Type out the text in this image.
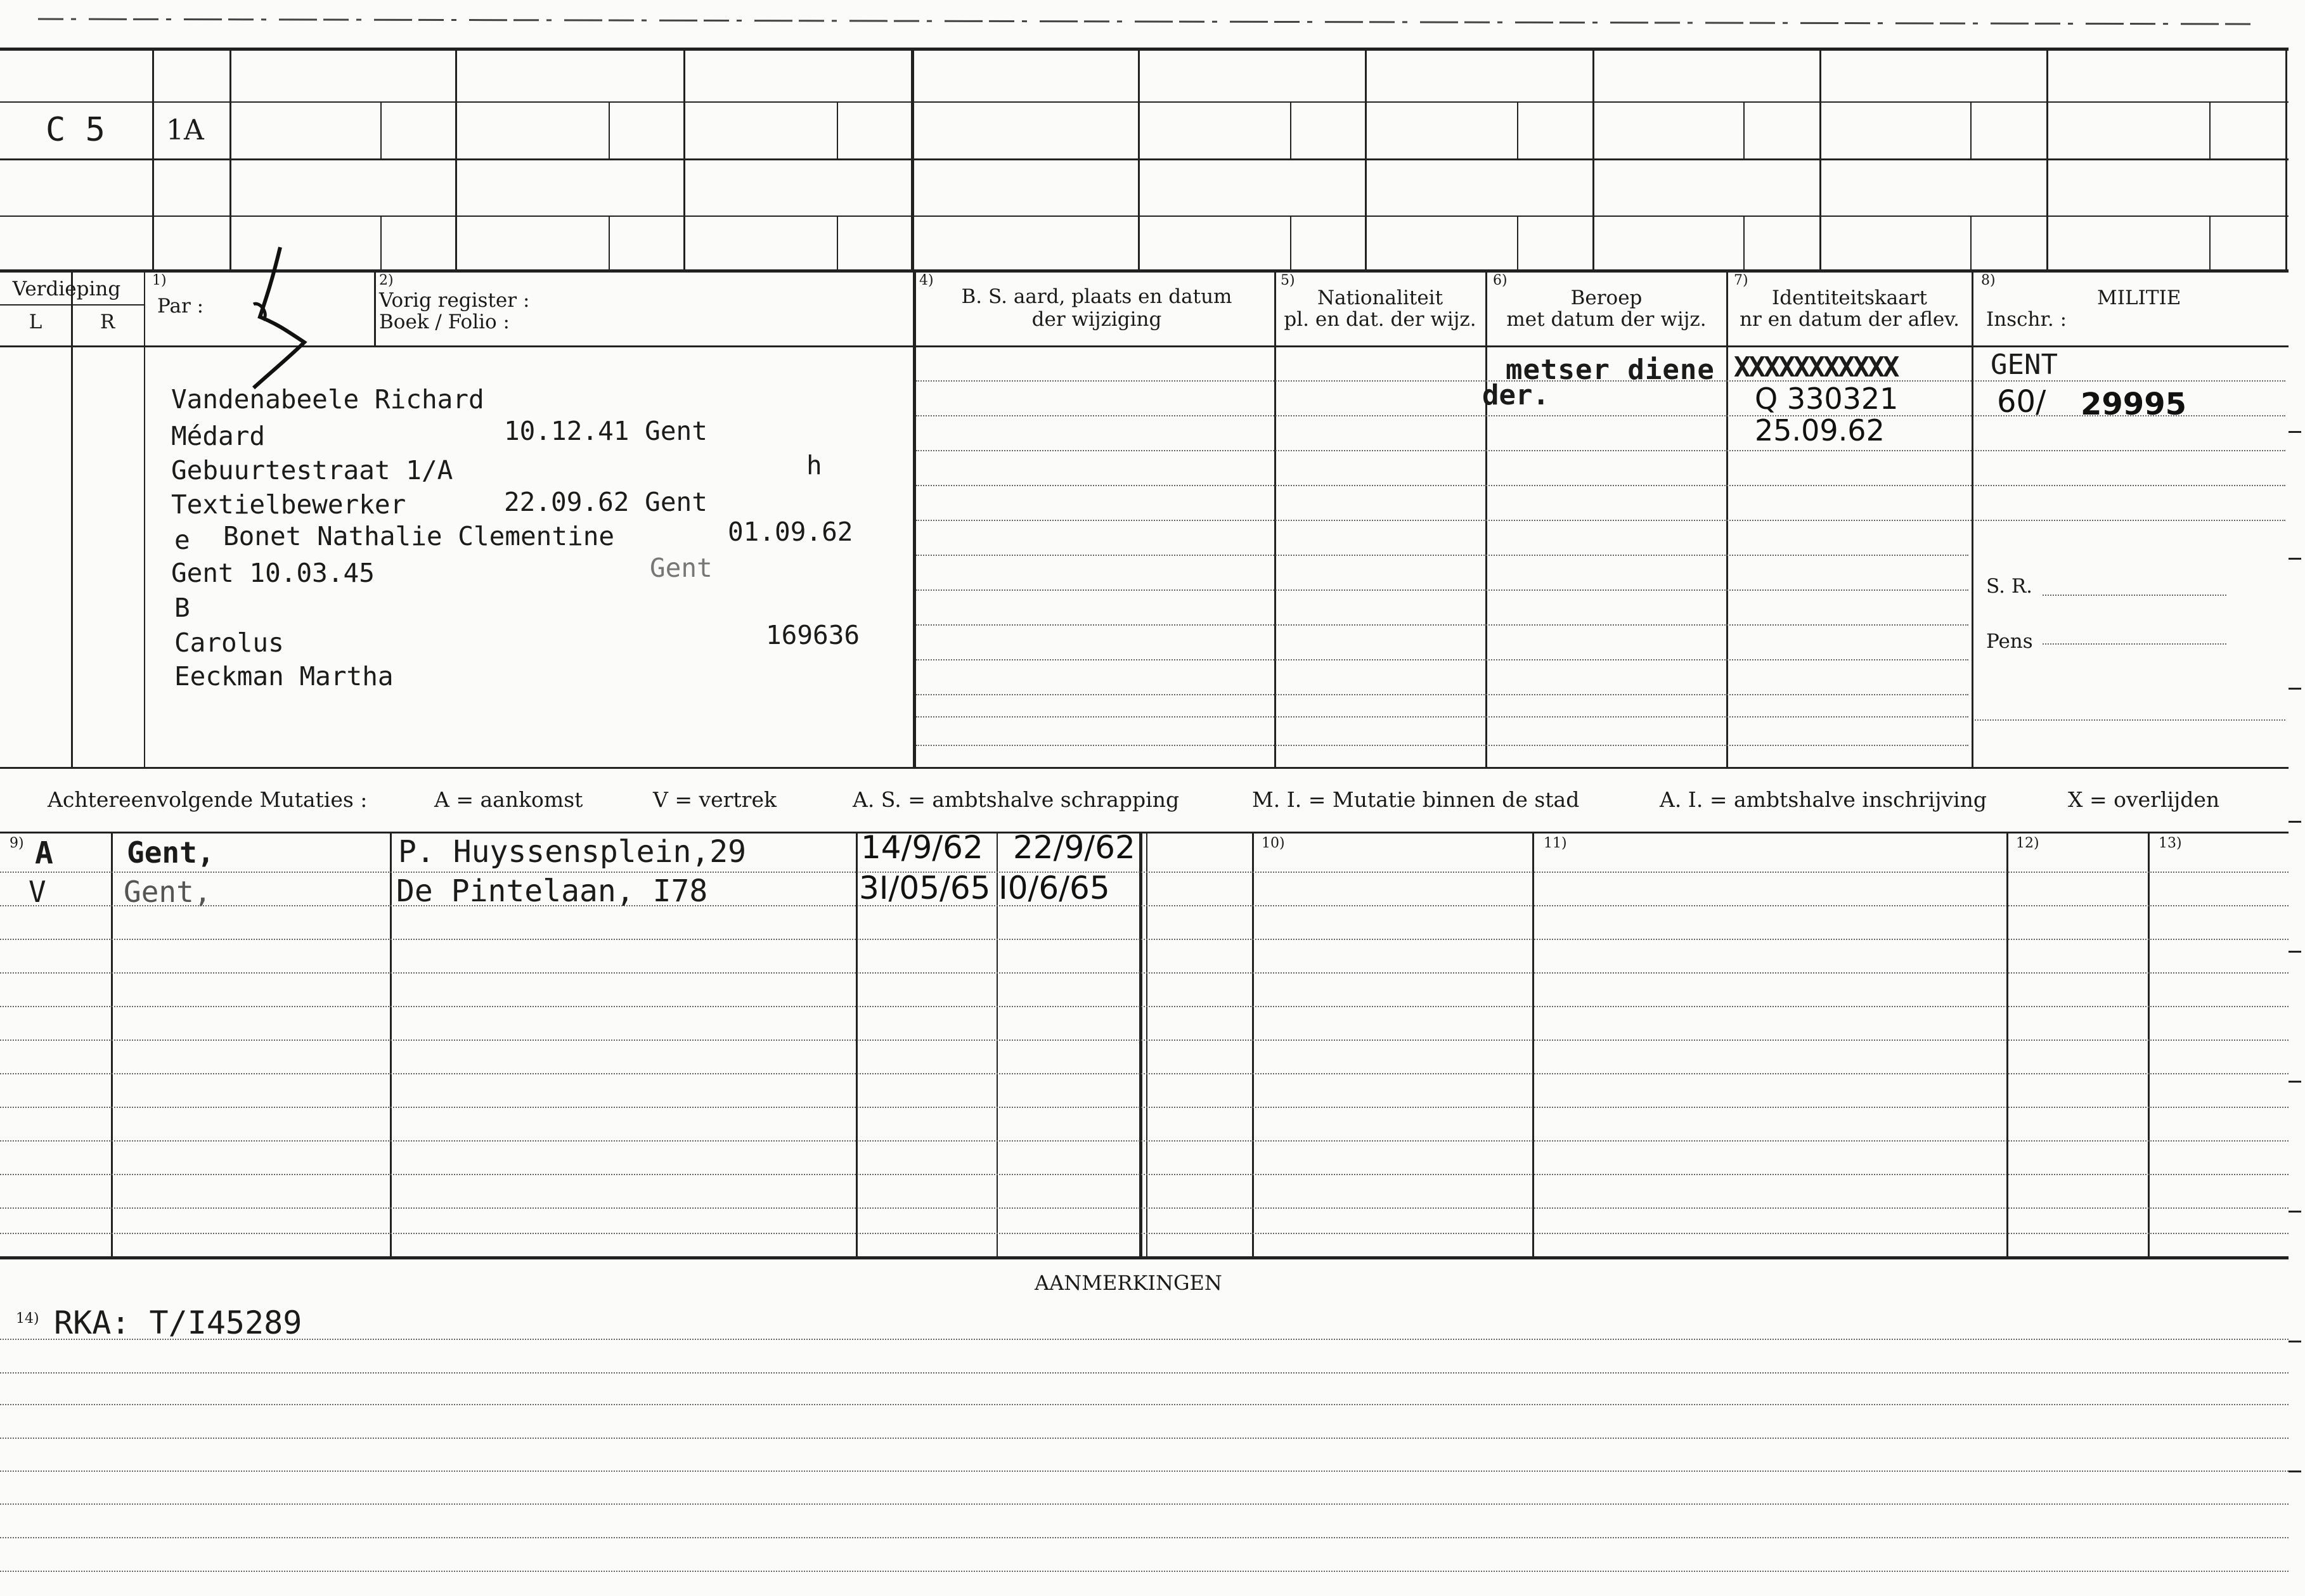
C 5 1A
Verdieping
L	R
1)
Par :
2)
Vorig register :
Boek / Folio :
4)
B. S. aard, plaats en datum
der wijziging
5)
Nationaliteit
pl. en dat. der wijz.
6)
Beroep
met datum der wijz.
7)
Identiteitskaart
nr en datum der aflev.
8)
MILITIE
Inschr. :
Vandenabeele Richard
Médard	10.12.41 Gent
Gebuurtestraat 1/A	h
Textielbewerker	22.09.62 Gent
e Bonet Nathalie Clementine	01.09.62
Gent 10.03.45	Gent
B
Carolus	169636
Eeckman Martha
metser diene
der.
XXXXXXXXXXX
Q 330321
25.09.62
GENT
60/ 29995
S. R.
Pens
Achtereenvolgende Mutaties :	A = aankomst	V = vertrek	A. S. = ambtshalve schrapping	M. I. = Mutatie binnen de stad	A. I. = ambtshalve inschrijving	X = overlijden
9)	10)	11)	12)	13)
A	Gent,	P. Huyssensplein,29	14/9/62 22/9/62
V	Gent,	De Pintelaan, I78	3I/05/65 I0/6/65
AANMERKINGEN
14) RKA: T/I45289
